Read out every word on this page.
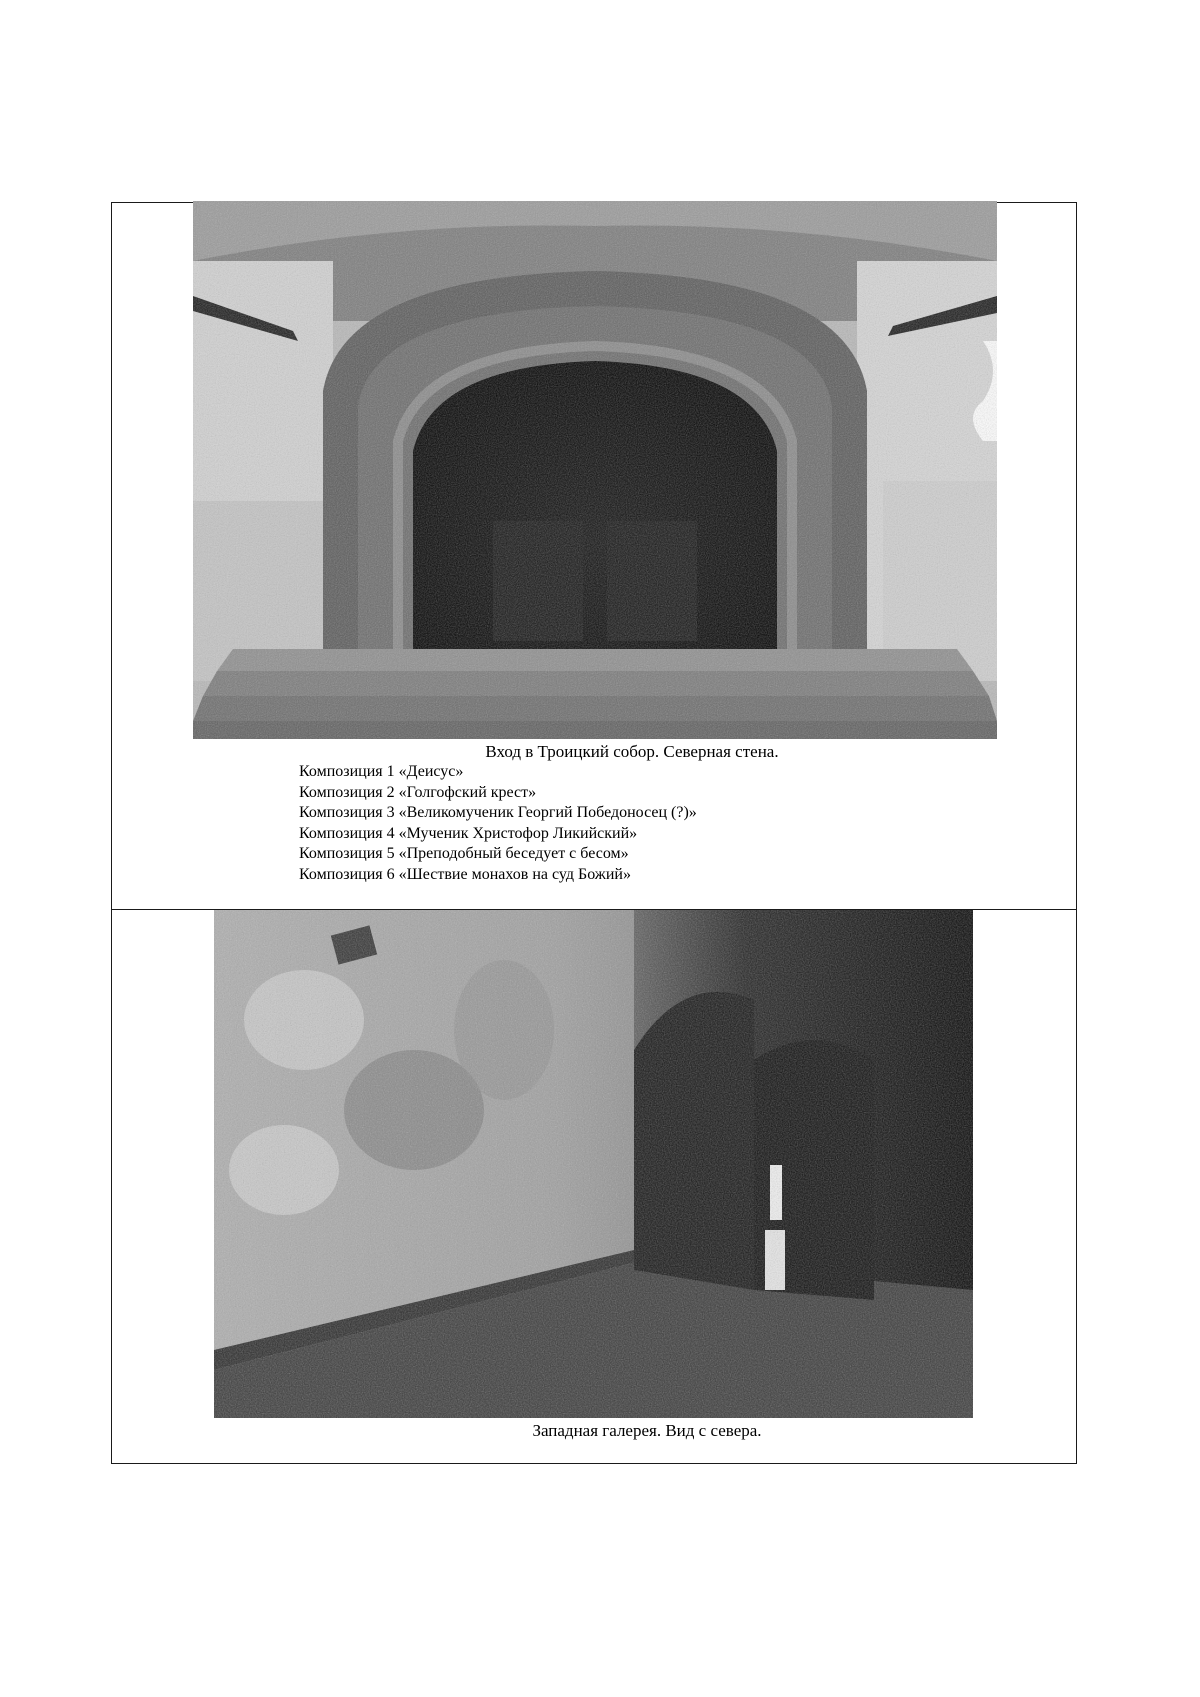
Вход в Троицкий собор. Северная стена.
Композиция 1 «Деисус»
Композиция 2 «Голгофский крест»
Композиция 3 «Великомученик Георгий Победоносец (?)»
Композиция 4 «Мученик Христофор Ликийский»
Композиция 5 «Преподобный беседует с бесом»
Композиция 6 «Шествие монахов на суд Божий»
Западная галерея. Вид с севера.
